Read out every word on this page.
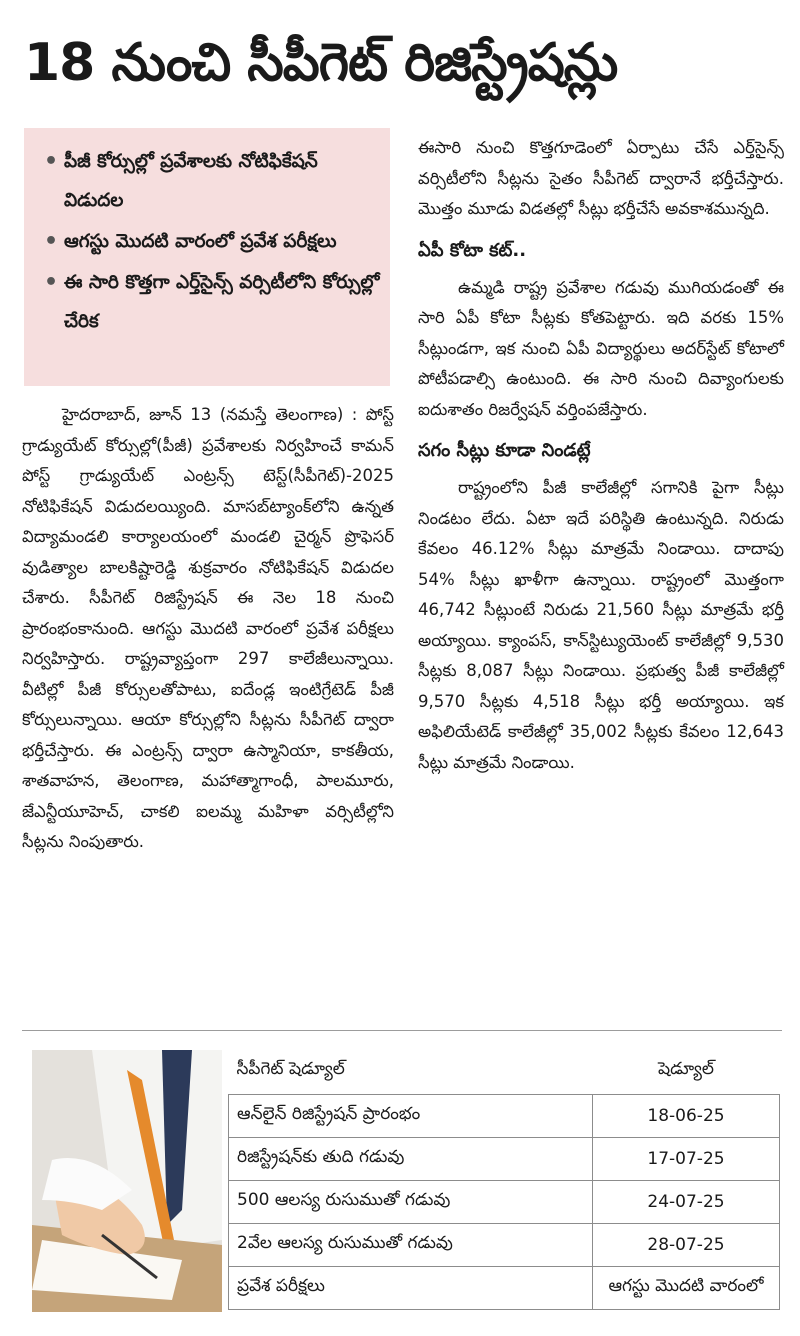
18 నుంచి సీపీగెట్‌ రిజిస్ట్రేషన్లు
• పీజీ కోర్సుల్లో ప్రవేశాలకు నోటిఫికేషన్‌ విడుదల
• ఆగస్టు మొదటి వారంలో ప్రవేశ పరీక్షలు
• ఈ సారి కొత్తగా ఎర్త్‌సైన్స్‌ వర్సిటీలోని కోర్సుల్లో చేరిక

హైదరాబాద్‌, జూన్‌ 13 (నమస్తే తెలంగాణ) : పోస్ట్‌ గ్రాడ్యుయేట్‌ కోర్సుల్లో(పీజీ) ప్రవేశాలకు నిర్వహించే కామన్‌ పోస్ట్‌ గ్రాడ్యుయేట్‌ ఎంట్రన్స్‌ టెస్ట్‌(సీపీగెట్‌)-2025 నోటిఫికేషన్‌ విడుదలయ్యింది. మాసబ్‌ట్యాంక్‌లోని ఉన్నత విద్యామండలి కార్యాలయంలో మండలి చైర్మన్‌ ప్రొఫెసర్‌ వుడిత్యాల బాలకిష్టారెడ్డి శుక్రవారం నోటిఫికేషన్‌ విడుదల చేశారు. సీపీగెట్‌ రిజిస్ట్రేషన్‌ ఈ నెల 18 నుంచి ప్రారంభంకానుంది. ఆగస్టు మొదటి వారంలో ప్రవేశ పరీక్షలు నిర్వహిస్తారు. రాష్ట్రవ్యాప్తంగా 297 కాలేజీలున్నాయి. వీటిల్లో పీజీ కోర్సులతోపాటు, ఐదేండ్ల ఇంటిగ్రేటెడ్‌ పీజీ కోర్సులున్నాయి. ఆయా కోర్సుల్లోని సీట్లను సీపీగెట్‌ ద్వారా భర్తీచేస్తారు. ఈ ఎంట్రన్స్‌ ద్వారా ఉస్మానియా, కాకతీయ, శాతవాహన, తెలంగాణ, మహాత్మాగాంధీ, పాలమూరు, జేఎన్టీయూహెచ్‌, చాకలి ఐలమ్మ మహిళా వర్సిటీల్లోని సీట్లను నింపుతారు.

ఈసారి నుంచి కొత్తగూడెంలో ఏర్పాటు చేసే ఎర్త్‌సైన్స్‌ వర్సిటీలోని సీట్లను సైతం సీపీగెట్‌ ద్వారానే భర్తీచేస్తారు. మొత్తం మూడు విడతల్లో సీట్లు భర్తీచేసే అవకాశమున్నది.

ఏపీ కోటా కట్‌..

ఉమ్మడి రాష్ట్ర ప్రవేశాల గడువు ముగియడంతో ఈ సారి ఏపీ కోటా సీట్లకు కోతపెట్టారు. ఇది వరకు 15% సీట్లుండగా, ఇక నుంచి ఏపీ విద్యార్థులు అదర్‌స్టేట్‌ కోటాలో పోటీపడాల్సి ఉంటుంది. ఈ సారి నుంచి దివ్యాంగులకు ఐదుశాతం రిజర్వేషన్‌ వర్తింపజేస్తారు.

సగం సీట్లు కూడా నిండట్లే

రాష్ట్రంలోని పీజీ కాలేజీల్లో సగానికి పైగా సీట్లు నిండటం లేదు. ఏటా ఇదే పరిస్థితి ఉంటున్నది. నిరుడు కేవలం 46.12% సీట్లు మాత్రమే నిండాయి. దాదాపు 54% సీట్లు ఖాళీగా ఉన్నాయి. రాష్ట్రంలో మొత్తంగా 46,742 సీట్లుంటే నిరుడు 21,560 సీట్లు మాత్రమే భర్తీ అయ్యాయి. క్యాంపస్‌, కాన్‌స్టిట్యుయెంట్‌ కాలేజీల్లో 9,530 సీట్లకు 8,087 సీట్లు నిండాయి. ప్రభుత్వ పీజీ కాలేజీల్లో 9,570 సీట్లకు 4,518 సీట్లు భర్తీ అయ్యాయి. ఇక అఫిలియేటెడ్‌ కాలేజీల్లో 35,002 సీట్లకు కేవలం 12,643 సీట్లు మాత్రమే నిండాయి.

సీపీగెట్‌ షెడ్యూల్‌	షెడ్యూల్‌
ఆన్‌లైన్‌ రిజిస్ట్రేషన్‌ ప్రారంభం	18-06-25
రిజిస్ట్రేషన్‌కు తుది గడువు	17-07-25
500 ఆలస్య రుసుముతో గడువు	24-07-25
2వేల ఆలస్య రుసుముతో గడువు	28-07-25
ప్రవేశ పరీక్షలు	ఆగస్టు మొదటి వారంలో
